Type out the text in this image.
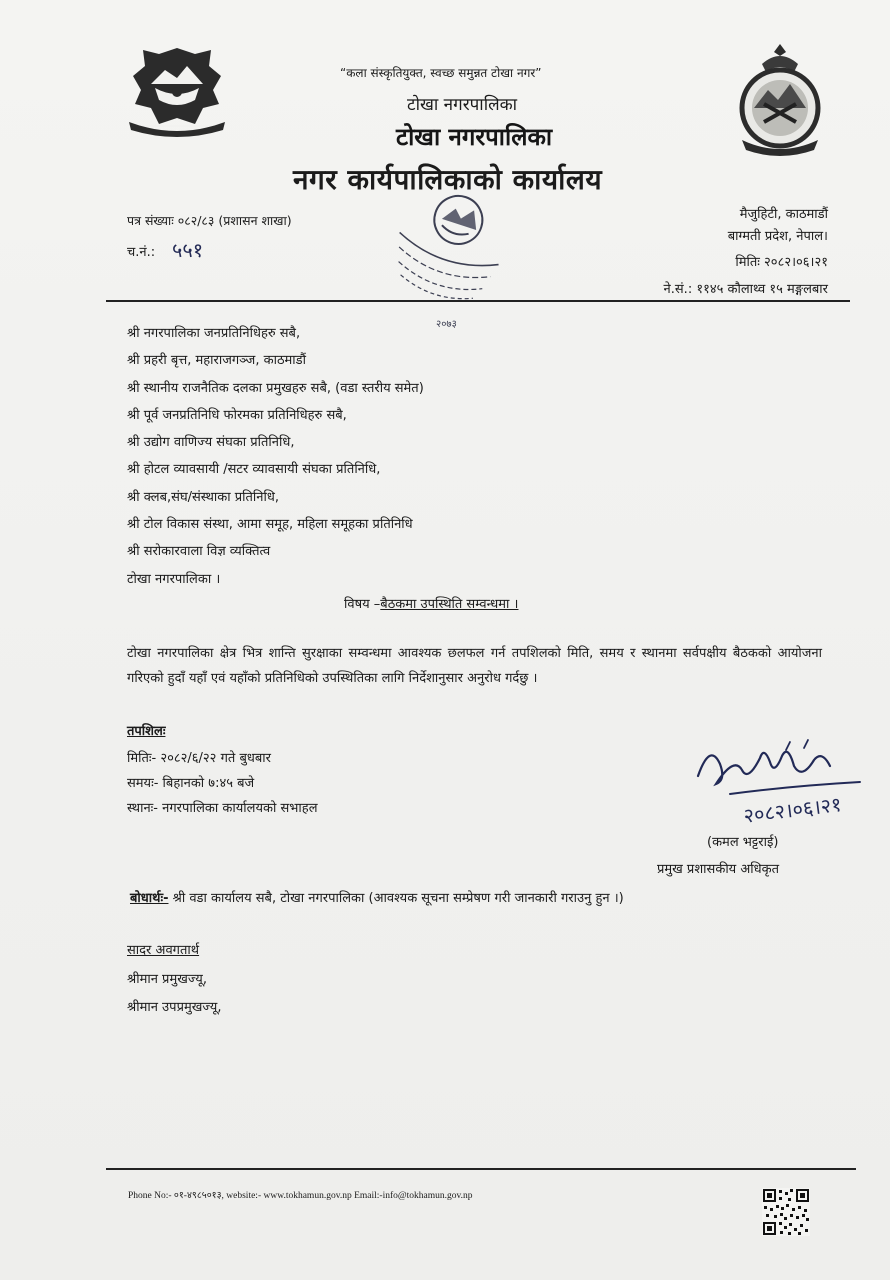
“कला संस्कृतियुक्त, स्वच्छ समुन्नत टोखा नगर”
टोखा नगरपालिका
टोखा नगरपालिका
नगर कार्यपालिकाको कार्यालय
पत्र संख्याः ०८२/८३ (प्रशासन शाखा)
च.नं.: ५५१
मैजुहिटी, काठमाडौं
बाग्मती प्रदेश, नेपाल।
मितिः २०८२।०६।२१
ने.सं.: ११४५ कौलाथ्व १५ मङ्गलबार
२०७३
श्री नगरपालिका जनप्रतिनिधिहरु सबै,
श्री प्रहरी बृत्त, महाराजगञ्ज, काठमाडौं
श्री स्थानीय राजनैतिक दलका प्रमुखहरु सबै, (वडा स्तरीय समेत)
श्री पूर्व जनप्रतिनिधि फोरमका प्रतिनिधिहरु सबै,
श्री उद्योग वाणिज्य संघका प्रतिनिधि,
श्री होटल व्यावसायी /सटर व्यावसायी संघका प्रतिनिधि,
श्री क्लब,संघ/संस्थाका प्रतिनिधि,
श्री टोल विकास संस्था, आमा समूह, महिला समूहका प्रतिनिधि
श्री सरोकारवाला विज्ञ व्यक्तित्व
टोखा नगरपालिका ।
विषय –बैठकमा उपस्थिति सम्वन्धमा ।
टोखा नगरपालिका क्षेत्र भित्र शान्ति सुरक्षाका सम्वन्धमा आवश्यक छलफल गर्न तपशिलको मिति, समय र स्थानमा सर्वपक्षीय बैठकको आयोजना गरिएको हुदाँ यहाँ एवं यहाँको प्रतिनिधिको उपस्थितिका लागि निर्देशानुसार अनुरोध गर्दछु ।
तपशिलः
मितिः- २०८२/६/२२ गते बुधबार
समयः- बिहानको ७:४५ बजे
स्थानः- नगरपालिका कार्यालयको सभाहल	२०८२।०६।२१
(कमल भट्टराई)
प्रमुख प्रशासकीय अधिकृत
बोधार्थः- श्री वडा कार्यालय सबै, टोखा नगरपालिका (आवश्यक सूचना सम्प्रेषण गरी जानकारी गराउनु हुन ।)
सादर अवगतार्थ
श्रीमान प्रमुखज्यू,
श्रीमान उपप्रमुखज्यू,
Phone No:- ०१-४९८५०१३, website:- www.tokhamun.gov.np Email:-info@tokhamun.gov.np
